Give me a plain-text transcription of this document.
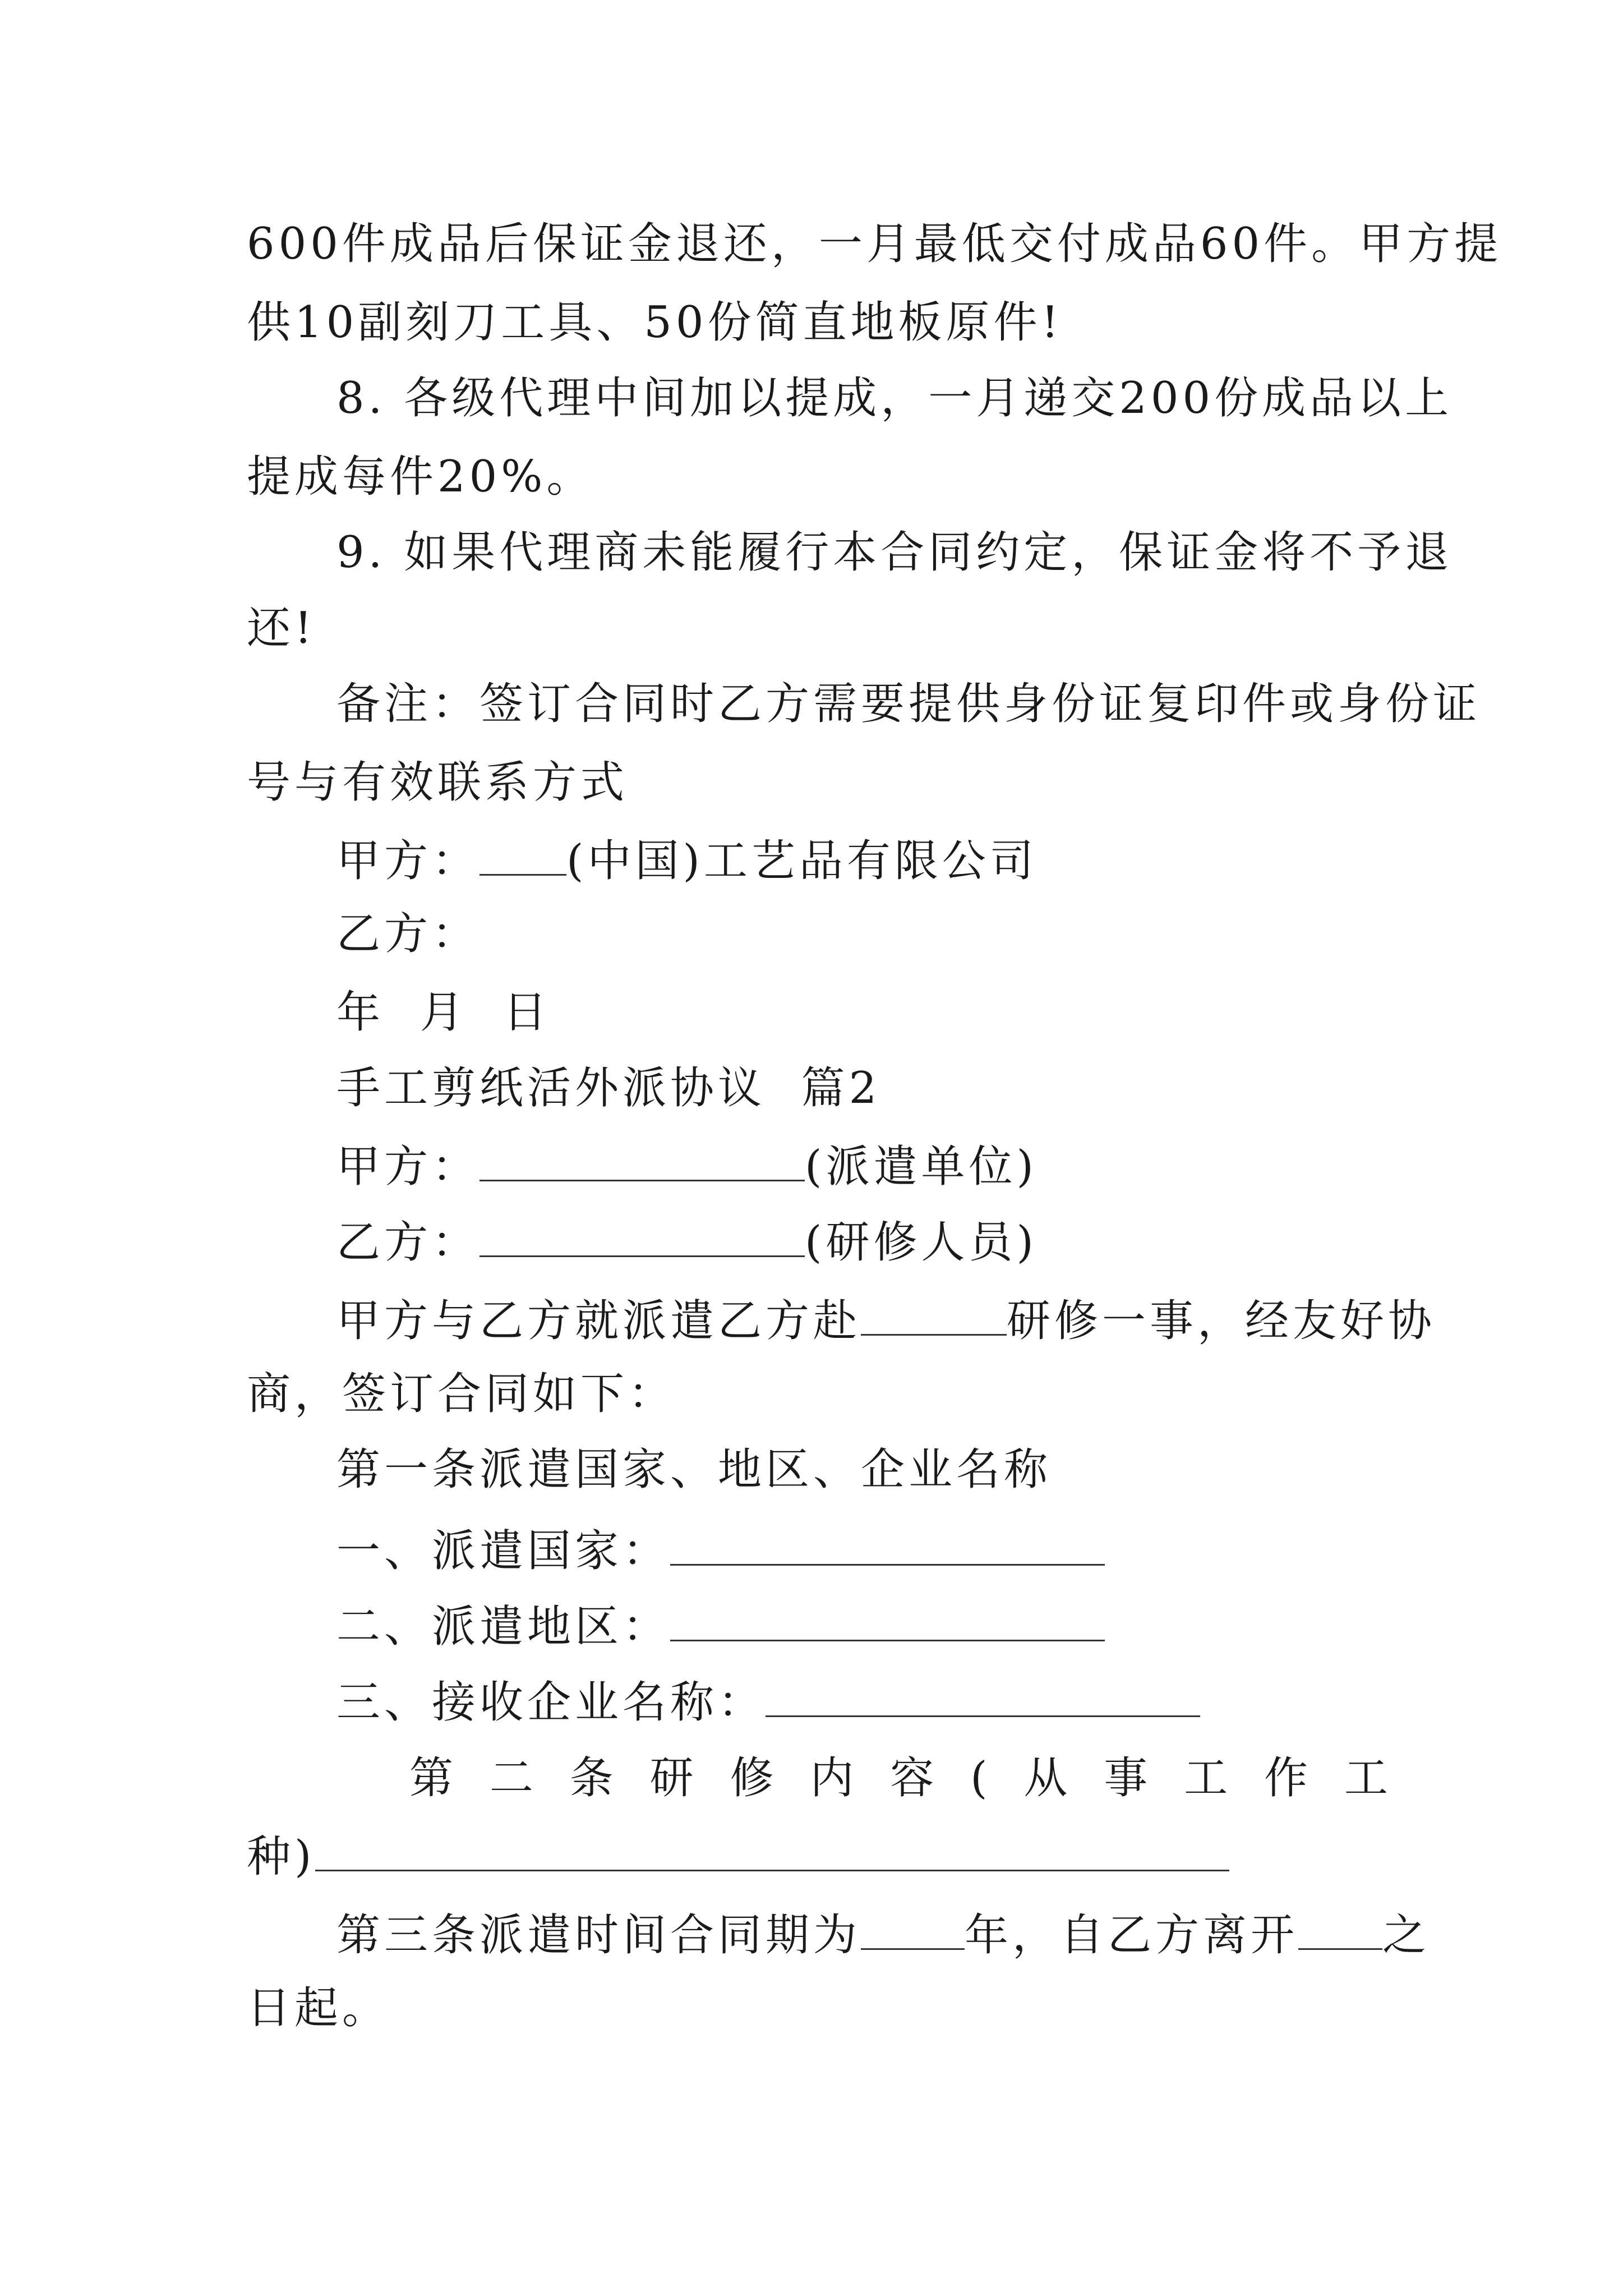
600件成品后保证金退还，一月最低交付成品60件。甲方提
供10副刻刀工具、50份简直地板原件!
8. 各级代理中间加以提成，一月递交200份成品以上
提成每件20%。
9. 如果代理商未能履行本合同约定，保证金将不予退
还!
备注：签订合同时乙方需要提供身份证复印件或身份证
号与有效联系方式
甲方： (中国)工艺品有限公司
乙方：
年  月  日
手工剪纸活外派协议  篇2
甲方：	(派遣单位)
乙方：	(研修人员)
甲方与乙方就派遣乙方赴	研修一事，经友好协
商，签订合同如下：
第一条派遣国家、地区、企业名称
一、派遣国家：
二、派遣地区：
三、接收企业名称：
第 二 条 研 修 内 容 ( 从 事 工 作 工
种)
第三条派遣时间合同期为 年，自乙方离开 之
日起。
